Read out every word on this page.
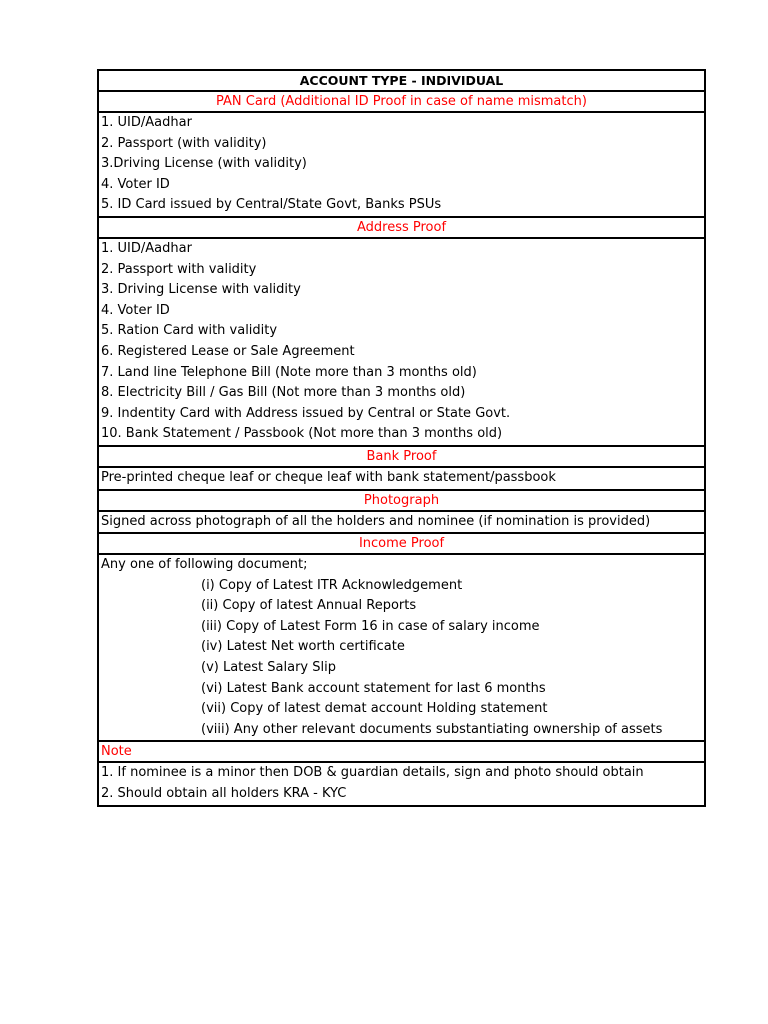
ACCOUNT TYPE - INDIVIDUAL
PAN Card (Additional ID Proof in case of name mismatch)
1. UID/Aadhar
2. Passport (with validity)
3.Driving License (with validity)
4. Voter ID
5. ID Card issued by Central/State Govt, Banks PSUs
Address Proof
1. UID/Aadhar
2. Passport with validity
3. Driving License with validity
4. Voter ID
5. Ration Card with validity
6. Registered Lease or Sale Agreement
7. Land line Telephone Bill (Note more than 3 months old)
8. Electricity Bill / Gas Bill (Not more than 3 months old)
9. Indentity Card with Address issued by Central or State Govt.
10. Bank Statement / Passbook (Not more than 3 months old)
Bank Proof
Pre-printed cheque leaf or cheque leaf with bank statement/passbook
Photograph
Signed across photograph of all the holders and nominee (if nomination is provided)
Income Proof
Any one of following document;
(i) Copy of Latest ITR Acknowledgement
(ii) Copy of latest Annual Reports
(iii) Copy of Latest Form 16 in case of salary income
(iv) Latest Net worth certificate
(v) Latest Salary Slip
(vi) Latest Bank account statement for last 6 months
(vii) Copy of latest demat account Holding statement
(viii) Any other relevant documents substantiating ownership of assets
Note
1. If nominee is a minor then DOB & guardian details, sign and photo should obtain
2. Should obtain all holders KRA - KYC
